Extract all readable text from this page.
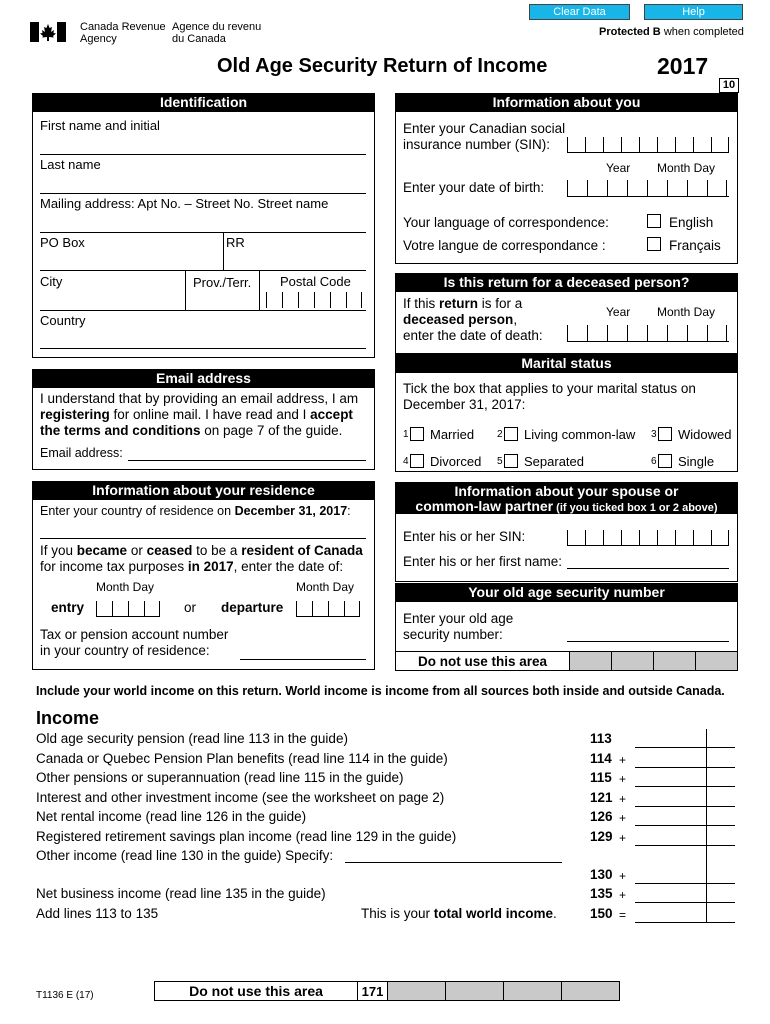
Canada Revenue
Agency
Agence du revenu
du Canada
Clear Data	Help
Protected B when completed
Old Age Security Return of Income	2017
10
Identification
First name and initial
Last name
Mailing address: Apt No. – Street No. Street name
PO Box	RR
City	Prov./Terr. Postal Code
Country
Email address
I understand that by providing an email address, I am
registering for online mail. I have read and I accept
the terms and conditions on page 7 of the guide.
Email address:
Information about your residence
Enter your country of residence on December 31, 2017:
If you became or ceased to be a resident of Canada
for income tax purposes in 2017, enter the date of:
Month Day	Month Day
entry	or departure
Tax or pension account number
in your country of residence:
Information about you
Enter your Canadian social
insurance number (SIN):
Year Month Day
Enter your date of birth:
Your language of correspondence:	English
Votre langue de correspondance :	Français
Is this return for a deceased person?
If this return is for a
deceased person,
enter the date of death:
Year Month Day
Marital status
Tick the box that applies to your marital status on
December 31, 2017:
1 Married 2 Living common-law 3 Widowed
4 Divorced 5 Separated	6 Single
Information about your spouse or
common-law partner (if you ticked box 1 or 2 above)
Enter his or her SIN:
Enter his or her first name:
Your old age security number
Enter your old age
security number:
Do not use this area
Include your world income on this return. World income is income from all sources both inside and outside Canada.
Income
Old age security pension (read line 113 in the guide)	113
Canada or Quebec Pension Plan benefits (read line 114 in the guide)	114 +
Other pensions or superannuation (read line 115 in the guide)	115 +
Interest and other investment income (see the worksheet on page 2)	121 +
Net rental income (read line 126 in the guide)	126 +
Registered retirement savings plan income (read line 129 in the guide)	129 +
Other income (read line 130 in the guide) Specify:
130 +
Net business income (read line 135 in the guide)	135 +
Add lines 113 to 135	This is your total world income. 150 =
T1136 E (17)	Do not use this area	171
